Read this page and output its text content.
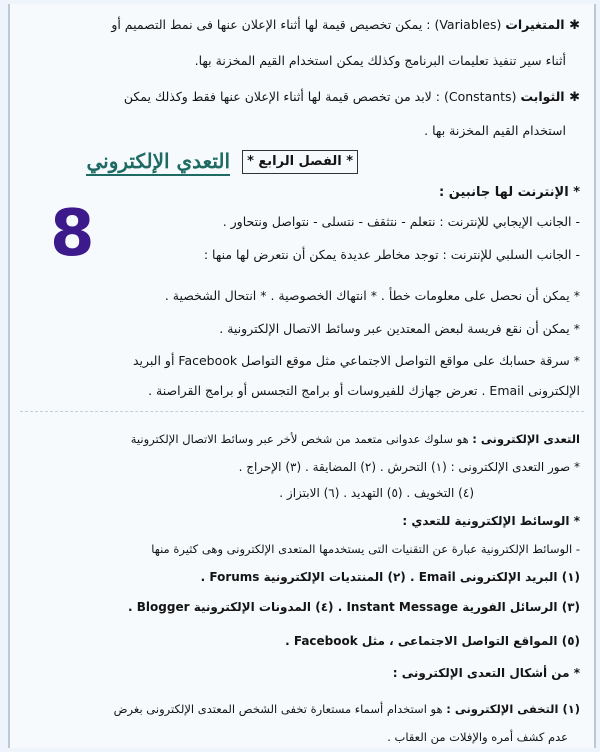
✱ المتغيرات (Variables) : يمكن تخصيص قيمة لها أثناء الإعلان عنها فى نمط التصميم أو
أثناء سير تنفيذ تعليمات البرنامج وكذلك يمكن استخدام القيم المخزنة بها.
✱ الثوابت (Constants) : لابد من تخصص قيمة لها أثناء الإعلان عنها فقط وكذلك يمكن
استخدام القيم المخزنة بها .
* الفصل الرابع *
التعدي الإلكتروني
8
* الإنترنت لها جانبين :
- الجانب الإيجابي للإنترنت : نتعلم - نتثقف - نتسلى - نتواصل ونتحاور .
- الجانب السلبي للإنترنت : توجد مخاطر عديدة يمكن أن نتعرض لها منها :
* يمكن أن نحصل على معلومات خطأ . * انتهاك الخصوصية . * انتحال الشخصية .
* يمكن أن نقع فريسة لبعض المعتدين عبر وسائط الاتصال الإلكترونية .
* سرقة حسابك على مواقع التواصل الاجتماعي مثل موقع التواصل Facebook أو البريد
الإلكترونى Email . تعرض جهازك للفيروسات أو برامج التجسس أو برامج القراصنة .
التعدى الإلكترونى : هو سلوك عدوانى متعمد من شخص لأخر عبر وسائط الاتصال الإلكترونية
* صور التعدى الإلكترونى : (١) التحرش . (٢) المضايقة . (٣) الإحراج .
(٤) التخويف . (٥) التهديد . (٦) الابتزاز .
* الوسائط الإلكترونية للتعدي :
- الوسائط الإلكترونية عبارة عن التقنيات التى يستخدمها المتعدى الإلكترونى وهى كثيرة منها
(١) البريد الإلكترونى Email . (٢) المنتديات الإلكترونية Forums .
(٣) الرسائل الفورية Instant Message . (٤) المدونات الإلكترونية Blogger .
(٥) المواقع التواصل الاجتماعى ، مثل Facebook .
* من أشكال التعدى الإلكترونى :
(١) التخفى الإلكترونى : هو استخدام أسماء مستعارة تخفى الشخص المعتدى الإلكترونى بغرض
عدم كشف أمره والإفلات من العقاب .
